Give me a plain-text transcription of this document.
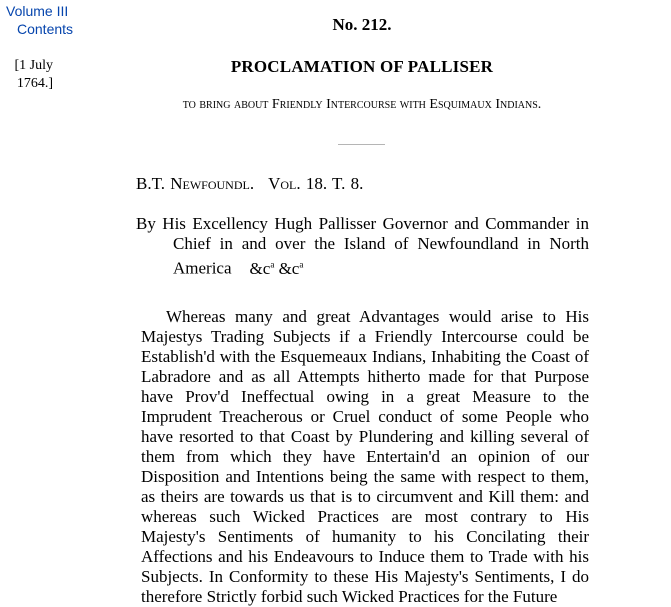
Volume III
Contents
[1 July
1764.]
No. 212.
PROCLAMATION OF PALLISER
to bring about Friendly Intercourse with Esquimaux Indians.
B.T. Newfoundl. Vol. 18. T. 8.
By His Excellency Hugh Pallisser Governor and Commander in Chief in and over the Island of Newfoundland in North America $\&c^a$ $\&c^a$

Whereas many and great Advantages would arise to His Majestys Trading Subjects if a Friendly Intercourse could be Establish'd with the Esquemeaux Indians, Inhabiting the Coast of Labradore and as all Attempts hitherto made for that Purpose have Prov'd Ineffectual owing in a great Measure to the Imprudent Treacherous or Cruel conduct of some People who have resorted to that Coast by Plundering and killing several of them from which they have Entertain'd an opinion of our Disposition and Intentions being the same with respect to them, as theirs are towards us that is to circumvent and Kill them: and whereas such Wicked Practices are most contrary to His Majesty's Sentiments of humanity to his Concilating their Affections and his Endeavours to Induce them to Trade with his Subjects. In Conformity to these His Majesty's Sentiments, I do therefore Strictly forbid such Wicked Practices for the Future
